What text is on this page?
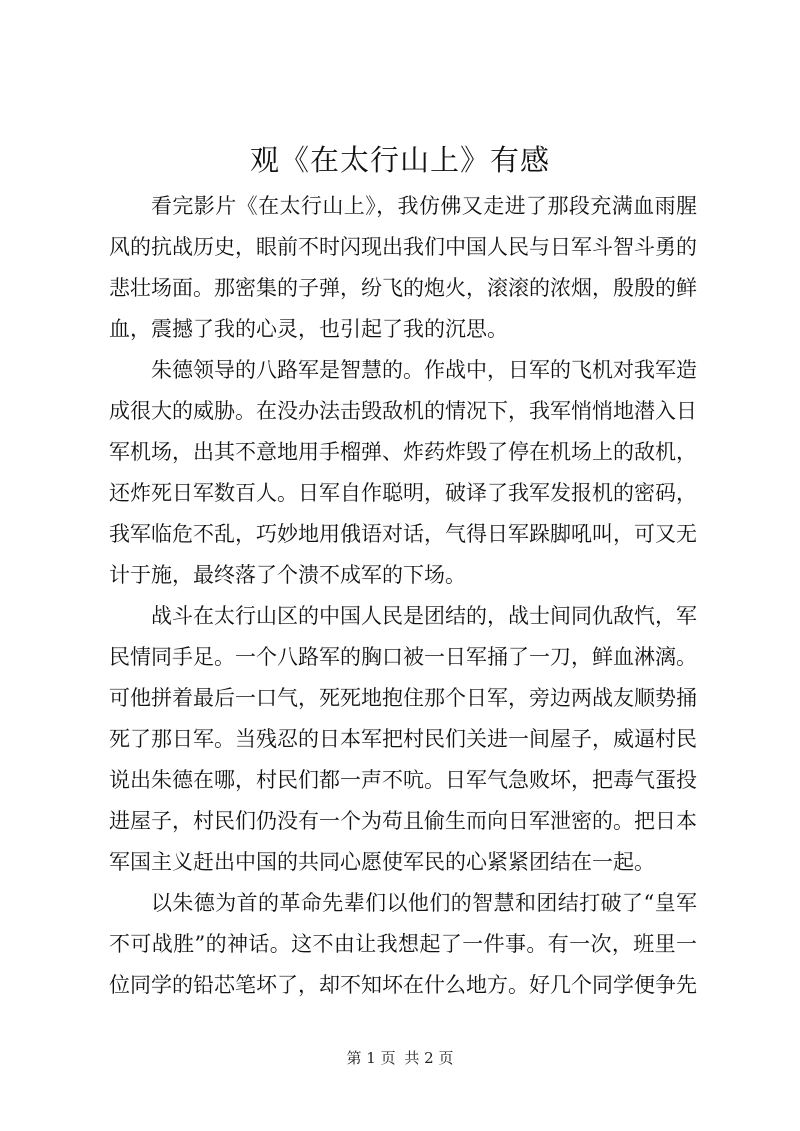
观《在太行山上》有感

看完影片《在太行山上》，我仿佛又走进了那段充满血雨腥
风的抗战历史，眼前不时闪现出我们中国人民与日军斗智斗勇的
悲壮场面。那密集的子弹，纷飞的炮火，滚滚的浓烟，殷殷的鲜
血，震撼了我的心灵，也引起了我的沉思。

朱德领导的八路军是智慧的。作战中，日军的飞机对我军造
成很大的威胁。在没办法击毁敌机的情况下，我军悄悄地潜入日
军机场，出其不意地用手榴弹、炸药炸毁了停在机场上的敌机，
还炸死日军数百人。日军自作聪明，破译了我军发报机的密码，
我军临危不乱，巧妙地用俄语对话，气得日军跺脚吼叫，可又无
计于施，最终落了个溃不成军的下场。

战斗在太行山区的中国人民是团结的，战士间同仇敌忾，军
民情同手足。一个八路军的胸口被一日军捅了一刀，鲜血淋漓。
可他拼着最后一口气，死死地抱住那个日军，旁边两战友顺势捅
死了那日军。当残忍的日本军把村民们关进一间屋子，威逼村民
说出朱德在哪，村民们都一声不吭。日军气急败坏，把毒气蛋投
进屋子，村民们仍没有一个为苟且偷生而向日军泄密的。把日本
军国主义赶出中国的共同心愿使军民的心紧紧团结在一起。

以朱德为首的革命先辈们以他们的智慧和团结打破了“皇军
不可战胜”的神话。这不由让我想起了一件事。有一次，班里一
位同学的铅芯笔坏了，却不知坏在什么地方。好几个同学便争先

第 1 页 共 2 页
